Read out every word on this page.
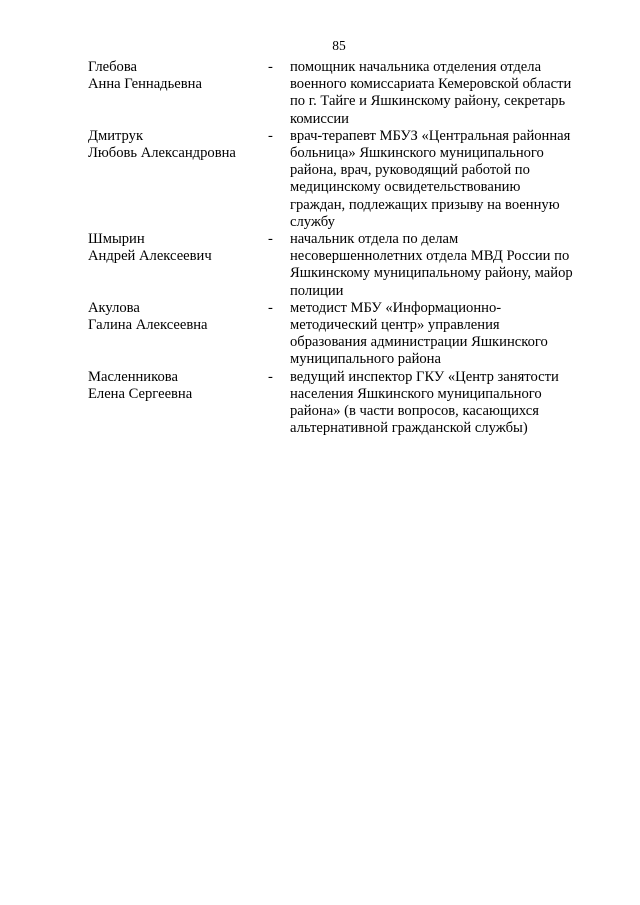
85
Глебова
Анна Геннадьевна
-	помощник начальника отделения отдела
военного комиссариата Кемеровской области
по г. Тайге и Яшкинскому району, секретарь
комиссии
Дмитрук
Любовь Александровна
-	врач-терапевт МБУЗ «Центральная районная
больница» Яшкинского муниципального
района, врач, руководящий работой по
медицинскому освидетельствованию
граждан, подлежащих призыву на военную
службу
Шмырин
Андрей Алексеевич
-	начальник отдела по делам
несовершеннолетних отдела МВД России по
Яшкинскому муниципальному району, майор
полиции
Акулова
Галина Алексеевна
-	методист МБУ «Информационно-
методический центр» управления
образования администрации Яшкинского
муниципального района
Масленникова
Елена Сергеевна
-	ведущий инспектор ГКУ «Центр занятости
населения Яшкинского муниципального
района» (в части вопросов, касающихся
альтернативной гражданской службы)
